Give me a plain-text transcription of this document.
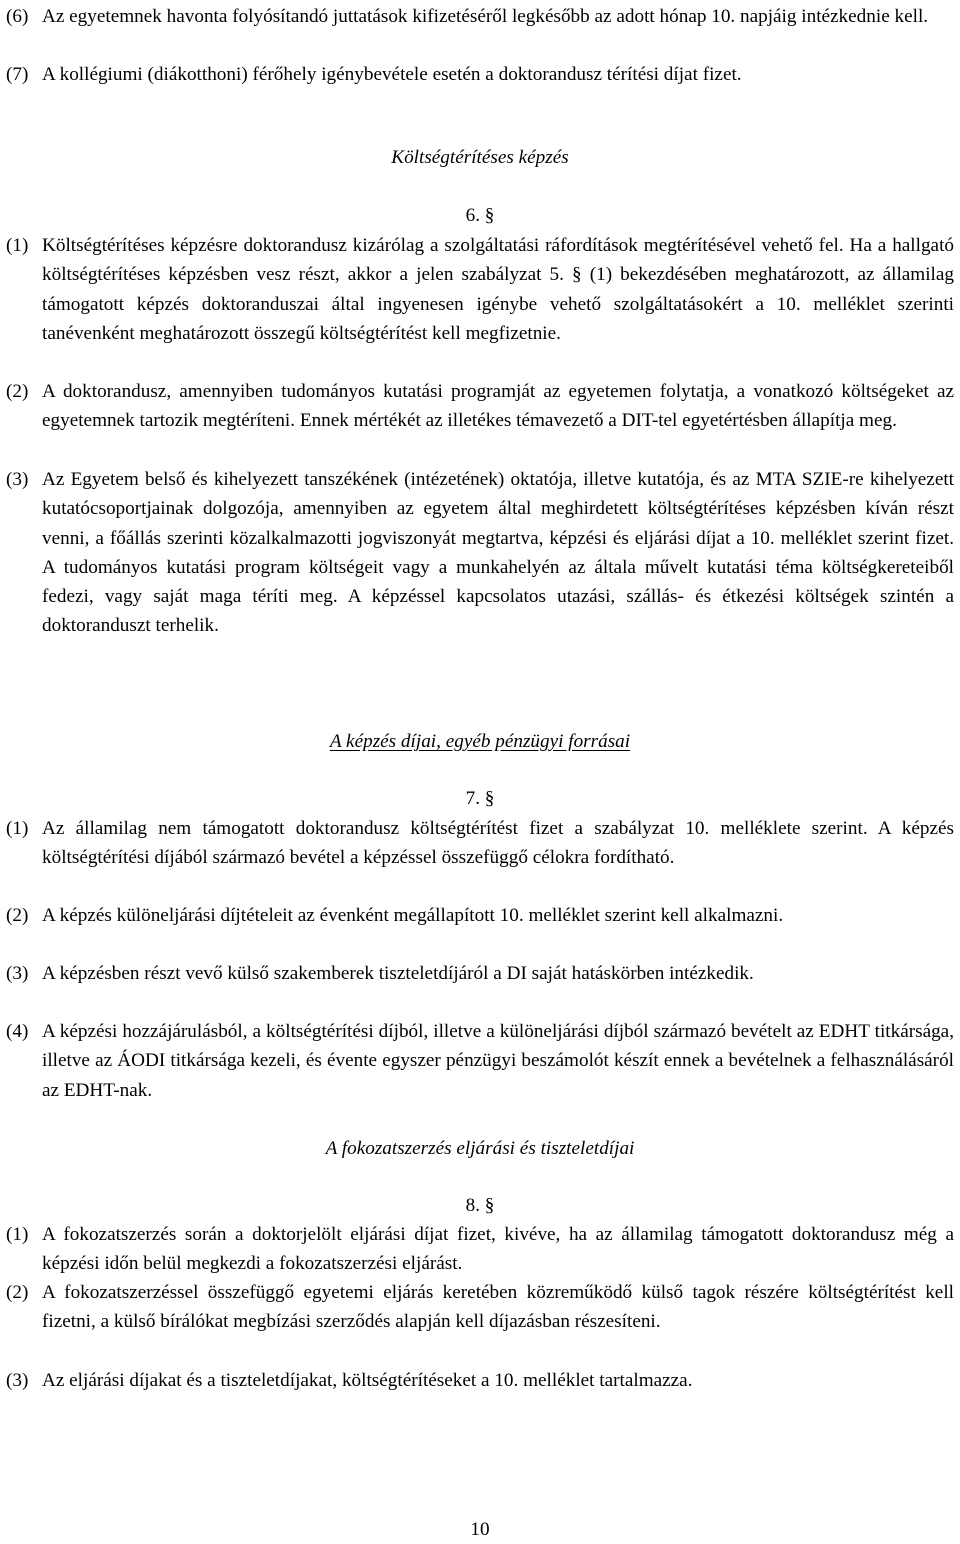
(6) Az egyetemnek havonta folyósítandó juttatások kifizetéséről legkésőbb az adott hónap 10. napjáig intézkednie kell.

(7) A kollégiumi (diákotthoni) férőhely igénybevétele esetén a doktorandusz térítési díjat fizet.

Költségtérítéses képzés

6. §

(1) Költségtérítéses képzésre doktorandusz kizárólag a szolgáltatási ráfordítások megtérítésével vehető fel. Ha a hallgató költségtérítéses képzésben vesz részt, akkor a jelen szabályzat 5. § (1) bekezdésében meghatározott, az államilag támogatott képzés doktoranduszai által ingyenesen igénybe vehető szolgáltatásokért a 10. melléklet szerinti tanévenként meghatározott összegű költségtérítést kell megfizetnie.

(2) A doktorandusz, amennyiben tudományos kutatási programját az egyetemen folytatja, a vonatkozó költségeket az egyetemnek tartozik megtéríteni. Ennek mértékét az illetékes témavezető a DIT-tel egyetértésben állapítja meg.

(3) Az Egyetem belső és kihelyezett tanszékének (intézetének) oktatója, illetve kutatója, és az MTA SZIE-re kihelyezett kutatócsoportjainak dolgozója, amennyiben az egyetem által meghirdetett költségtérítéses képzésben kíván részt venni, a főállás szerinti közalkalmazotti jogviszonyát megtartva, képzési és eljárási díjat a 10. melléklet szerint fizet. A tudományos kutatási program költségeit vagy a munkahelyén az általa művelt kutatási téma költségkereteiből fedezi, vagy saját maga téríti meg. A képzéssel kapcsolatos utazási, szállás- és étkezési költségek szintén a doktoranduszt terhelik.

A képzés díjai, egyéb pénzügyi forrásai

7. §

(1) Az államilag nem támogatott doktorandusz költségtérítést fizet a szabályzat 10. melléklete szerint. A képzés költségtérítési díjából származó bevétel a képzéssel összefüggő célokra fordítható.

(2) A képzés különeljárási díjtételeit az évenként megállapított 10. melléklet szerint kell alkalmazni.

(3) A képzésben részt vevő külső szakemberek tiszteletdíjáról a DI saját hatáskörben intézkedik.

(4) A képzési hozzájárulásból, a költségtérítési díjból, illetve a különeljárási díjból származó bevételt az EDHT titkársága, illetve az ÁODI titkársága kezeli, és évente egyszer pénzügyi beszámolót készít ennek a bevételnek a felhasználásáról az EDHT-nak.

A fokozatszerzés eljárási és tiszteletdíjai

8. §

(1) A fokozatszerzés során a doktorjelölt eljárási díjat fizet, kivéve, ha az államilag támogatott doktorandusz még a képzési időn belül megkezdi a fokozatszerzési eljárást.

(2) A fokozatszerzéssel összefüggő egyetemi eljárás keretében közreműködő külső tagok részére költségtérítést kell fizetni, a külső bírálókat megbízási szerződés alapján kell díjazásban részesíteni.

(3) Az eljárási díjakat és a tiszteletdíjakat, költségtérítéseket a 10. melléklet tartalmazza.

10
